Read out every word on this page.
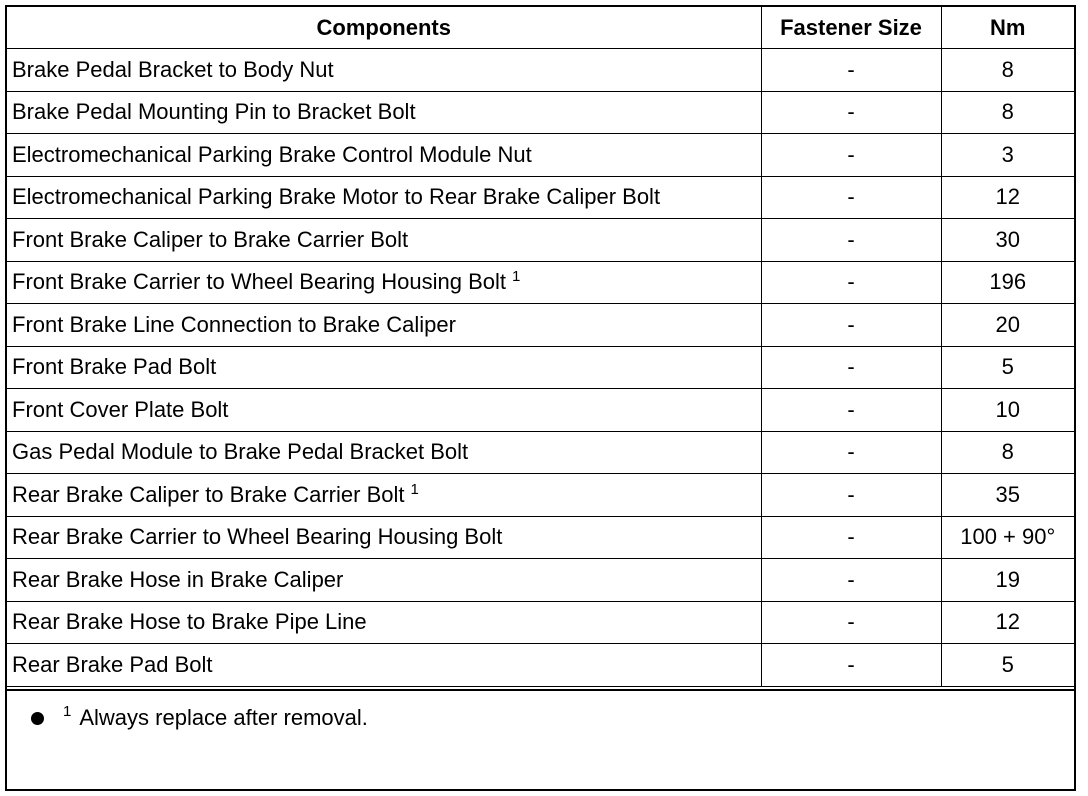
Components	Fastener Size	Nm
Brake Pedal Bracket to Body Nut	-	8
Brake Pedal Mounting Pin to Bracket Bolt	-	8
Electromechanical Parking Brake Control Module Nut	-	3
Electromechanical Parking Brake Motor to Rear Brake Caliper Bolt	-	12
Front Brake Caliper to Brake Carrier Bolt	-	30
Front Brake Carrier to Wheel Bearing Housing Bolt $^1$	-	196
Front Brake Line Connection to Brake Caliper	-	20
Front Brake Pad Bolt	-	5
Front Cover Plate Bolt	-	10
Gas Pedal Module to Brake Pedal Bracket Bolt	-	8
Rear Brake Caliper to Brake Carrier Bolt $^1$	-	35
Rear Brake Carrier to Wheel Bearing Housing Bolt	-	100 + 90°
Rear Brake Hose in Brake Caliper	-	19
Rear Brake Hose to Brake Pipe Line	-	12
Rear Brake Pad Bolt	-	5
1 Always replace after removal.
